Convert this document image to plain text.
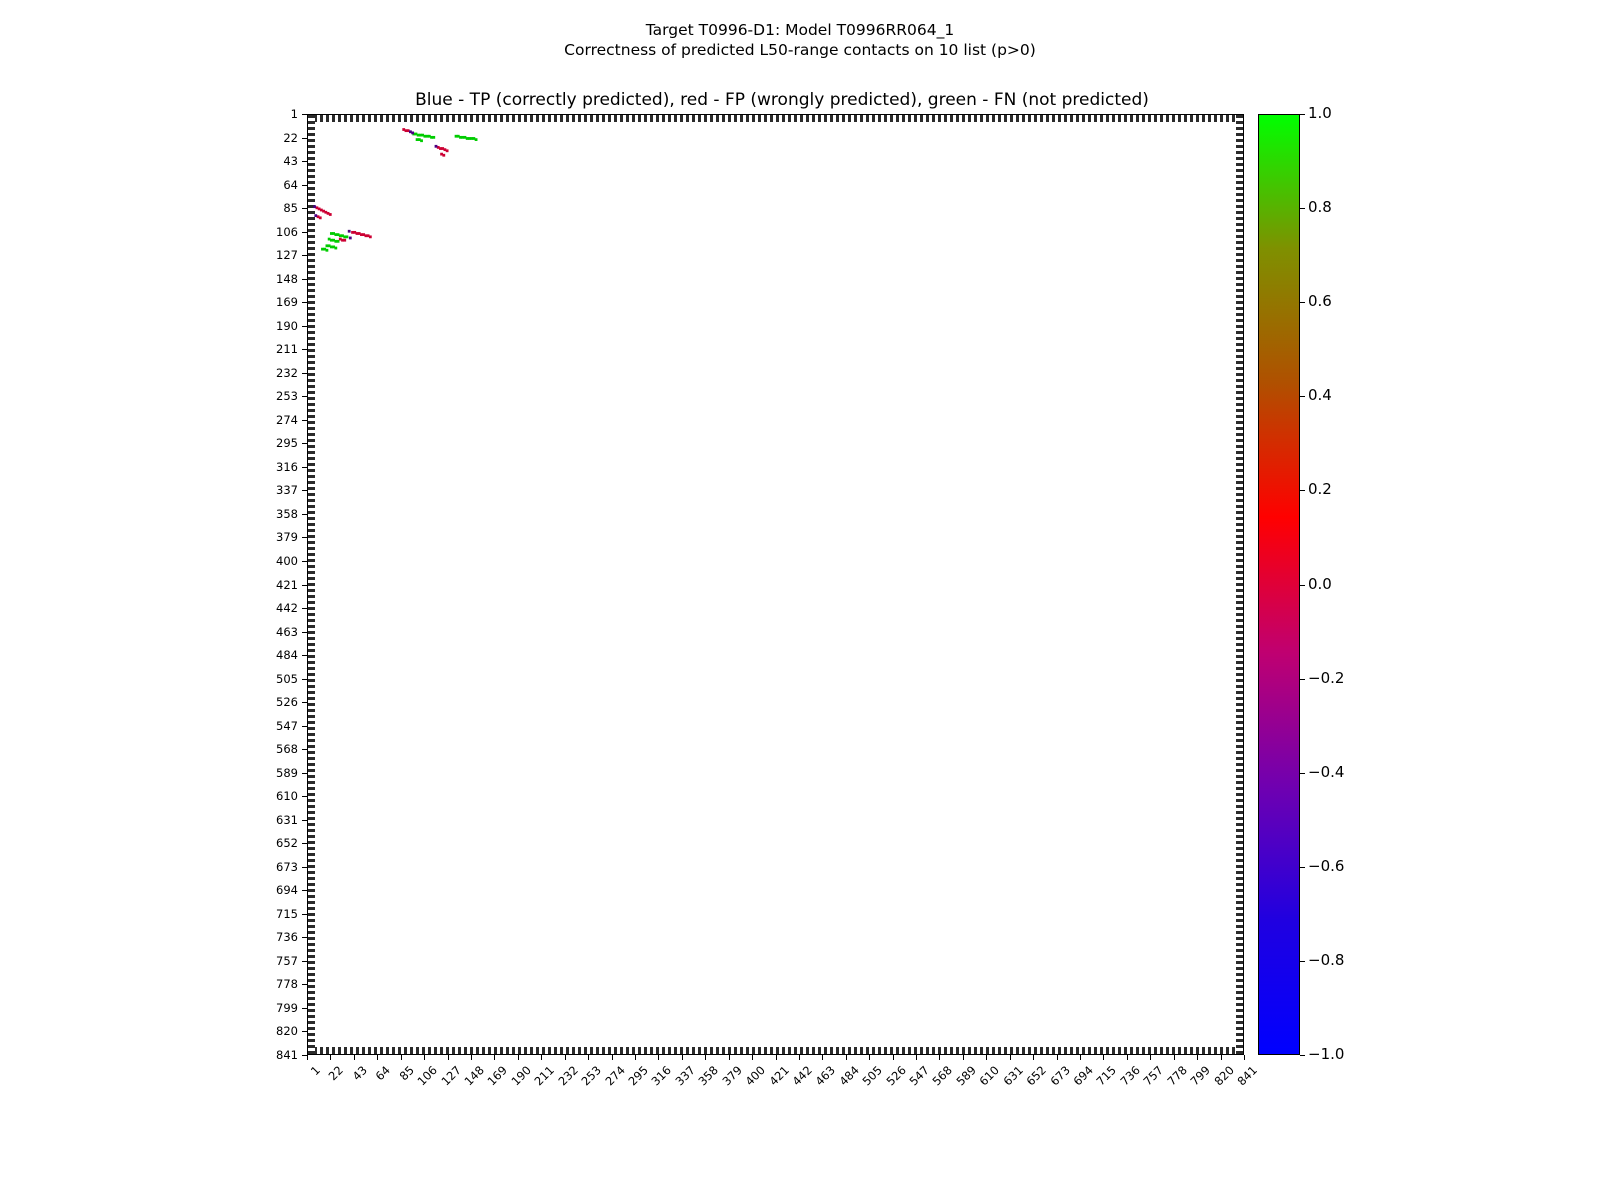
Target T0996-D1: Model T0996RR064_1
Correctness of predicted L50-range contacts on 10 list (p>0)
Blue - TP (correctly predicted), red - FP (wrongly predicted), green - FN (not predicted)
1
22
43
64
85
106
127
148
169
190
211
232
253
274
295
316
337
358
379
400
421
442
463
484
505
526
547
568
589
610
631
652
673
694
715
736
757
778
799
820
841
1 22 43 64 85
106
127
148
169
190
211
232
253
274
295
316
337
358
379
400
421
442
463
484
505
526
547
568
589
610
631
652
673
694
715
736
757
778
799
820
841
1.0
0.8
0.6
0.4
0.2
0.0
−0.2
−0.4
−0.6
−0.8
−1.0
